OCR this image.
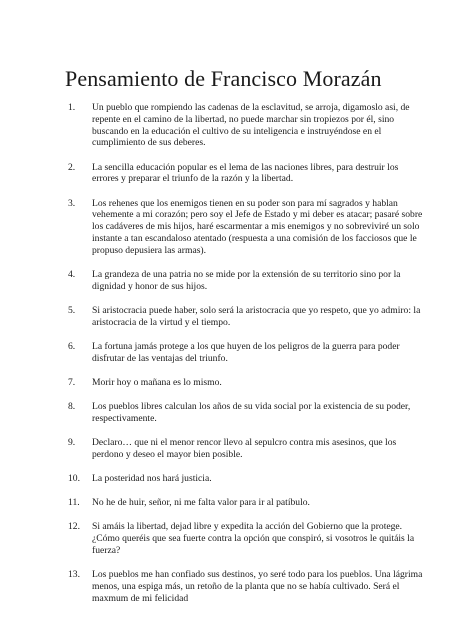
Pensamiento de Francisco Morazán
1.	Un pueblo que rompiendo las cadenas de la esclavitud, se arroja, digamoslo asi, de repente en el camino de la libertad, no puede marchar sin tropiezos por él, sino buscando en la educación el cultivo de su inteligencia e instruyéndose en el cumplimiento de sus deberes.
2.	La sencilla educación popular es el lema de las naciones libres, para destruir los errores y preparar el triunfo de la razón y la libertad.
3.	Los rehenes que los enemigos tienen en su poder son para mí sagrados y hablan vehemente a mi corazón; pero soy el Jefe de Estado y mi deber es atacar; pasaré sobre los cadáveres de mis hijos, haré escarmentar a mis enemigos y no sobreviviré un solo instante a tan escandaloso atentado (respuesta a una comisión de los facciosos que le propuso depusiera las armas).
4.	La grandeza de una patria no se mide por la extensión de su territorio sino por la dignidad y honor de sus hijos.
5.	Si aristocracia puede haber, solo será la aristocracia que yo respeto, que yo admiro: la aristocracia de la virtud y el tiempo.
6.	La fortuna jamás protege a los que huyen de los peligros de la guerra para poder disfrutar de las ventajas del triunfo.
7.	Morir hoy o mañana es lo mismo.
8.	Los pueblos libres calculan los años de su vida social por la existencia de su poder, respectivamente.
9.	Declaro… que ni el menor rencor llevo al sepulcro contra mis asesinos, que los perdono y deseo el mayor bien posible.
10.	La posteridad nos hará justicia.
11.	No he de huir, señor, ni me falta valor para ir al patíbulo.
12.	Si amáis la libertad, dejad libre y expedita la acción del Gobierno que la protege. ¿Cómo queréis que sea fuerte contra la opción que conspiró, si vosotros le quitáis la fuerza?
13.	Los pueblos me han confiado sus destinos, yo seré todo para los pueblos. Una lágrima menos, una espiga más, un retoño de la planta que no se había cultivado. Será el maxmum de mi felicidad
